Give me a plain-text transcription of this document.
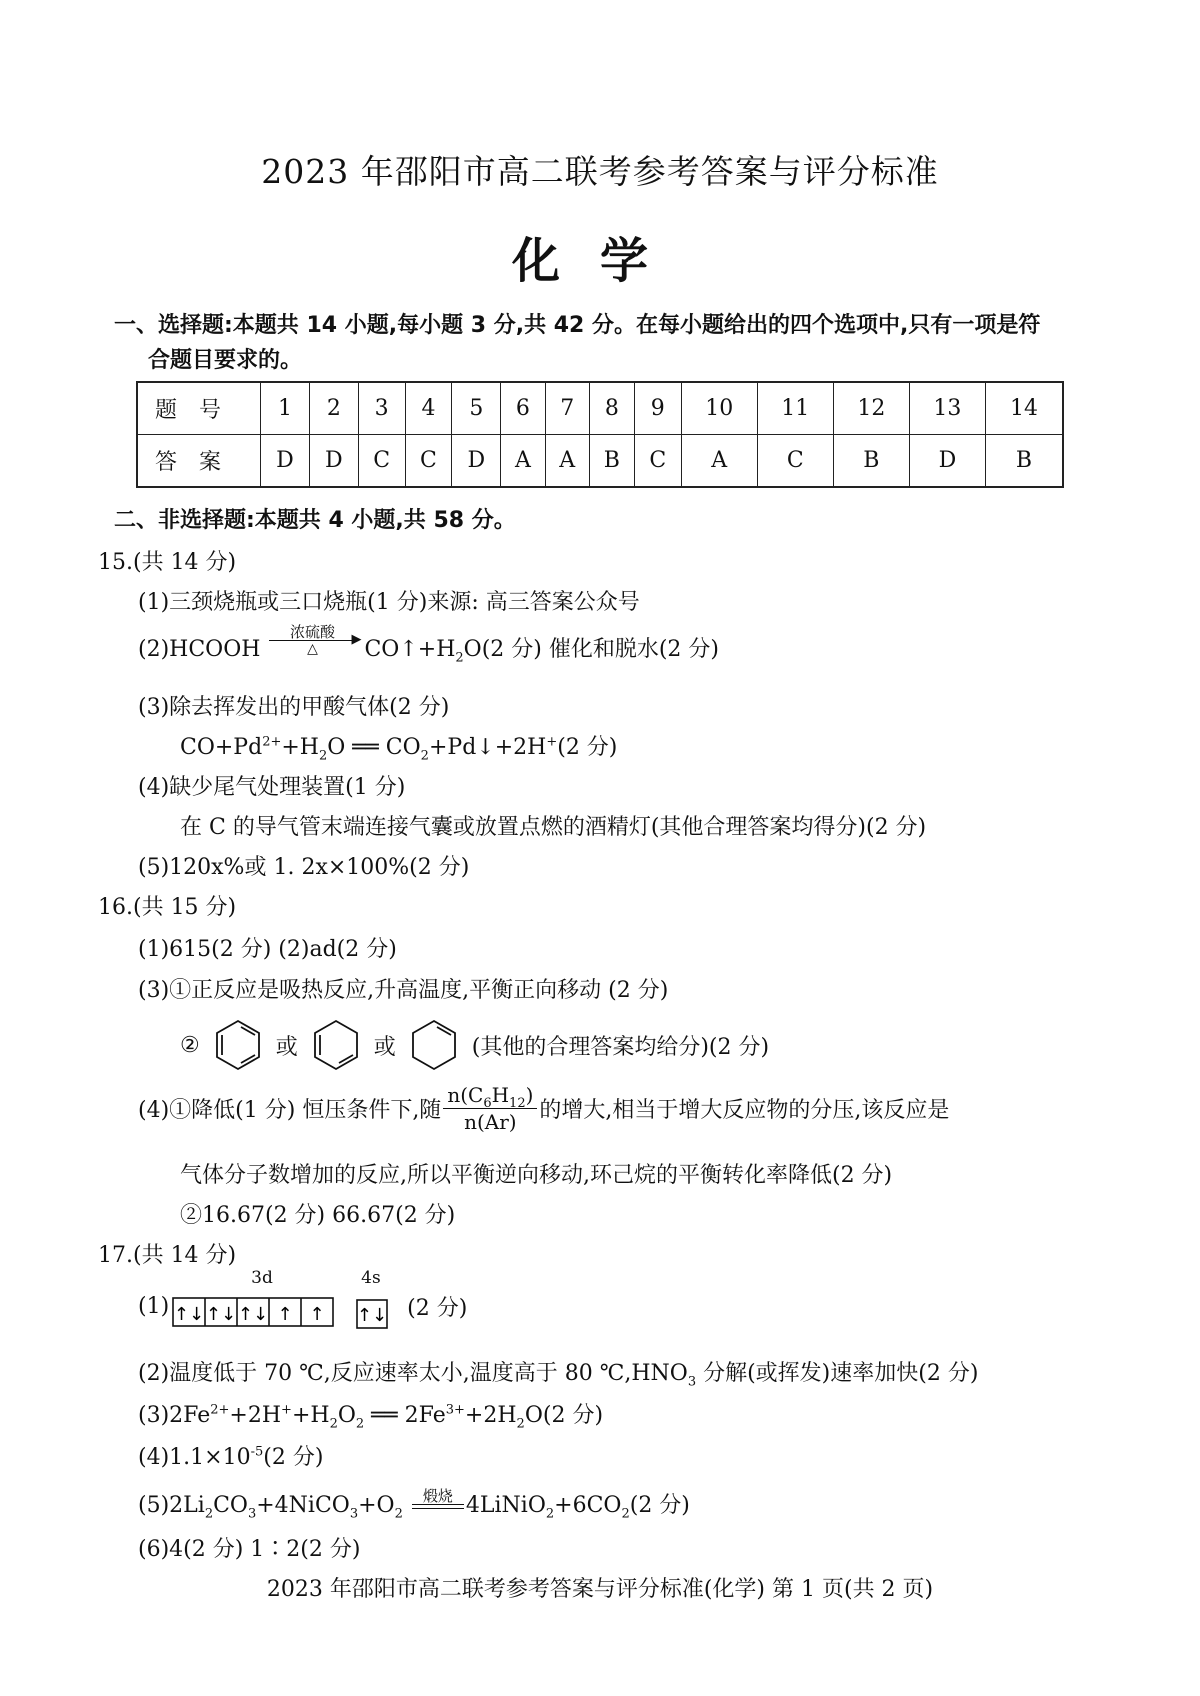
2023 年邵阳市高二联考参考答案与评分标准
化学
一、选择题:本题共 14 小题,每小题 3 分,共 42 分。在每小题给出的四个选项中,只有一项是符
合题目要求的。
题号	1	2	3	4	5	6	7	8	9	10	11	12	13	14
答案	D	D	C	C	D	A	A	B	C	A	C	B	D	B
二、非选择题:本题共 4 小题,共 58 分。
15.(共 14 分)
(1)三颈烧瓶或三口烧瓶(1 分)来源: 高三答案公众号
(2)HCOOH
浓硫酸	▶
△	$CO↑+H_2O(2$ 分) 催化和脱水(2 分)
(3)除去挥发出的甲酸气体(2 分)
$CO+Pd^{2+}+H_2O$ ══ $CO_2+Pd↓+2H^+(2$ 分)
(4)缺少尾气处理装置(1 分)
在 C 的导气管末端连接气囊或放置点燃的酒精灯(其他合理答案均得分)(2 分)
(5)120x%或 1. 2x×100%(2 分)
16.(共 15 分)
(1)615(2 分) (2)ad(2 分)
(3)①正反应是吸热反应,升高温度,平衡正向移动 (2 分)
②	或	或	(其他的合理答案均给分)(2 分)
(4)①降低(1 分) 恒压条件下,随 $\frac{n(C_6H_{12})}{n(Ar)}$ 的增大,相当于增大反应物的分压,该反应是
气体分子数增加的反应,所以平衡逆向移动,环己烷的平衡转化率降低(2 分)
②16.67(2 分) 66.67(2 分)
17.(共 14 分)
(1)
3d	4s
↑↓ ↑↓ ↑↓ ↑ ↑ ↑↓ (2 分)
(2)温度低于 70 ℃,反应速率太小,温度高于 80 $℃,HNO_3$ 分解(或挥发)速率加快(2 分)
$(3)2Fe^{2+}+2H^++H_2O_2$ ══ $2Fe^{3+}+2H_2O(2$ 分)
$(4)1.1\times 10^{-5}(2$ 分)
$(5)2Li_2CO_3+4NiCO_3+O_2$
煅烧 $4LiNiO_2+6CO_2(2$ 分)
(6)4(2 分) 1∶2(2 分)
2023 年邵阳市高二联考参考答案与评分标准(化学) 第 1 页(共 2 页)
